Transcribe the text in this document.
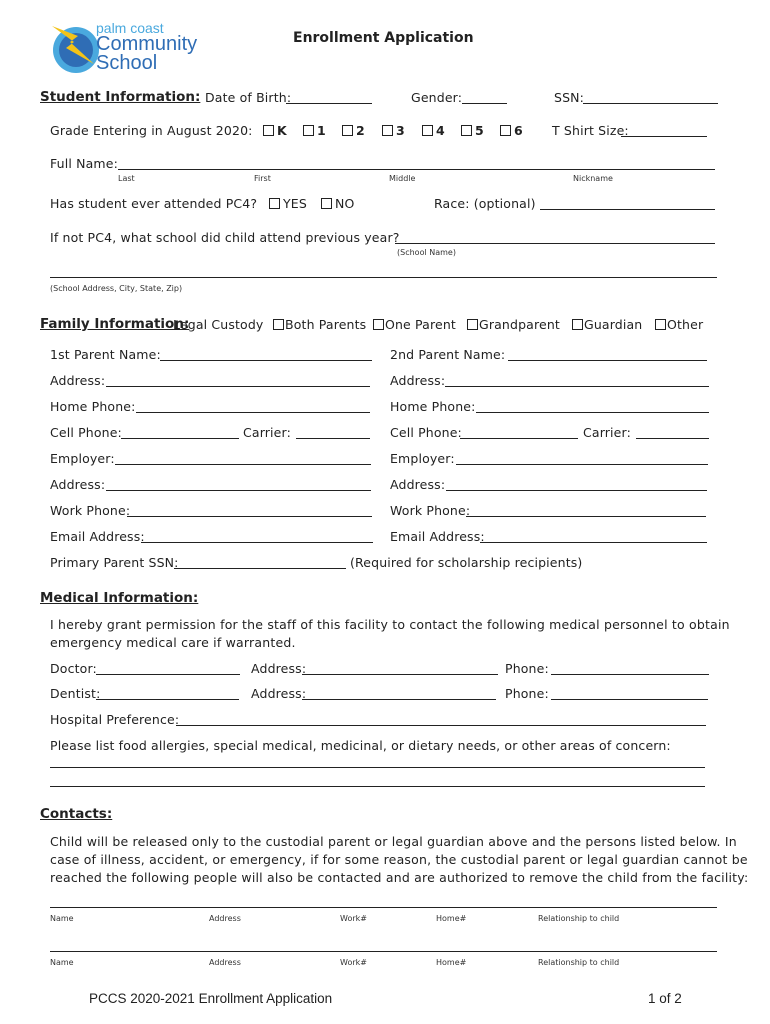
palm coast
Community
School
Enrollment Application
Student Information: Date of Birth:	Gender:	SSN:
Grade Entering in August 2020:	K	1	2	3	4	5	6 T Shirt Size:
Full Name:
Last	First	Middle	Nickname
Has student ever attended PC4?	YES	NO	Race: (optional)
If not PC4, what school did child attend previous year?
(School Name)
(School Address, City, State, Zip)
Family Information:
Legal Custody	Both Parents	One Parent	Grandparent	Guardian	Other
1st Parent Name:
Address:
Home Phone:
Cell Phone:	Carrier:
Employer:
Address:
Work Phone:
Email Address:
2nd Parent Name:
Address:
Home Phone:
Cell Phone:	Carrier:
Employer:
Address:
Work Phone:
Email Address:
Primary Parent SSN:	(Required for scholarship recipients)
Medical Information:
I hereby grant permission for the staff of this facility to contact the following medical personnel to obtain
emergency medical care if warranted.
Doctor:	Address:	Phone:
Dentist:	Address:	Phone:
Hospital Preference:
Please list food allergies, special medical, medicinal, or dietary needs, or other areas of concern:
Contacts:
Child will be released only to the custodial parent or legal guardian above and the persons listed below. In
case of illness, accident, or emergency, if for some reason, the custodial parent or legal guardian cannot be
reached the following people will also be contacted and are authorized to remove the child from the facility:
Name	Address	Work#	Home#	Relationship to child
Name	Address	Work#	Home#	Relationship to child
PCCS 2020-2021 Enrollment Application	1 of 2
